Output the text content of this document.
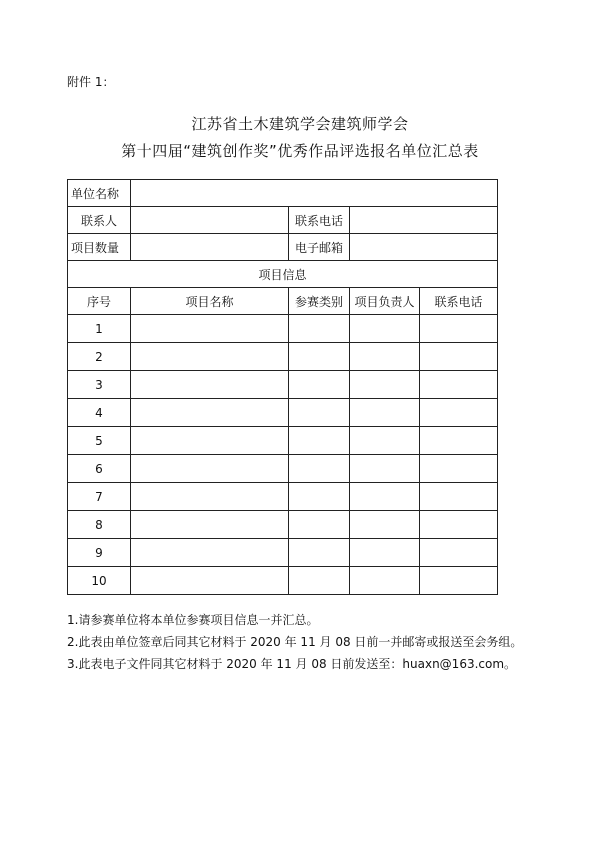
附件 1：
江苏省土木建筑学会建筑师学会
第十四届“建筑创作奖”优秀作品评选报名单位汇总表
单位名称				
联系人		联系电话		
项目数量		电子邮箱		
项目信息				
序号	项目名称	参赛类别	项目负责人	联系电话
1				
2				
3				
4				
5				
6				
7				
8				
9				
10				

1.请参赛单位将本单位参赛项目信息一并汇总。

2.此表由单位签章后同其它材料于 2020 年 11 月 08 日前一并邮寄或报送至会务组。

3.此表电子文件同其它材料于 2020 年 11 月 08 日前发送至：huaxn@163.com。
